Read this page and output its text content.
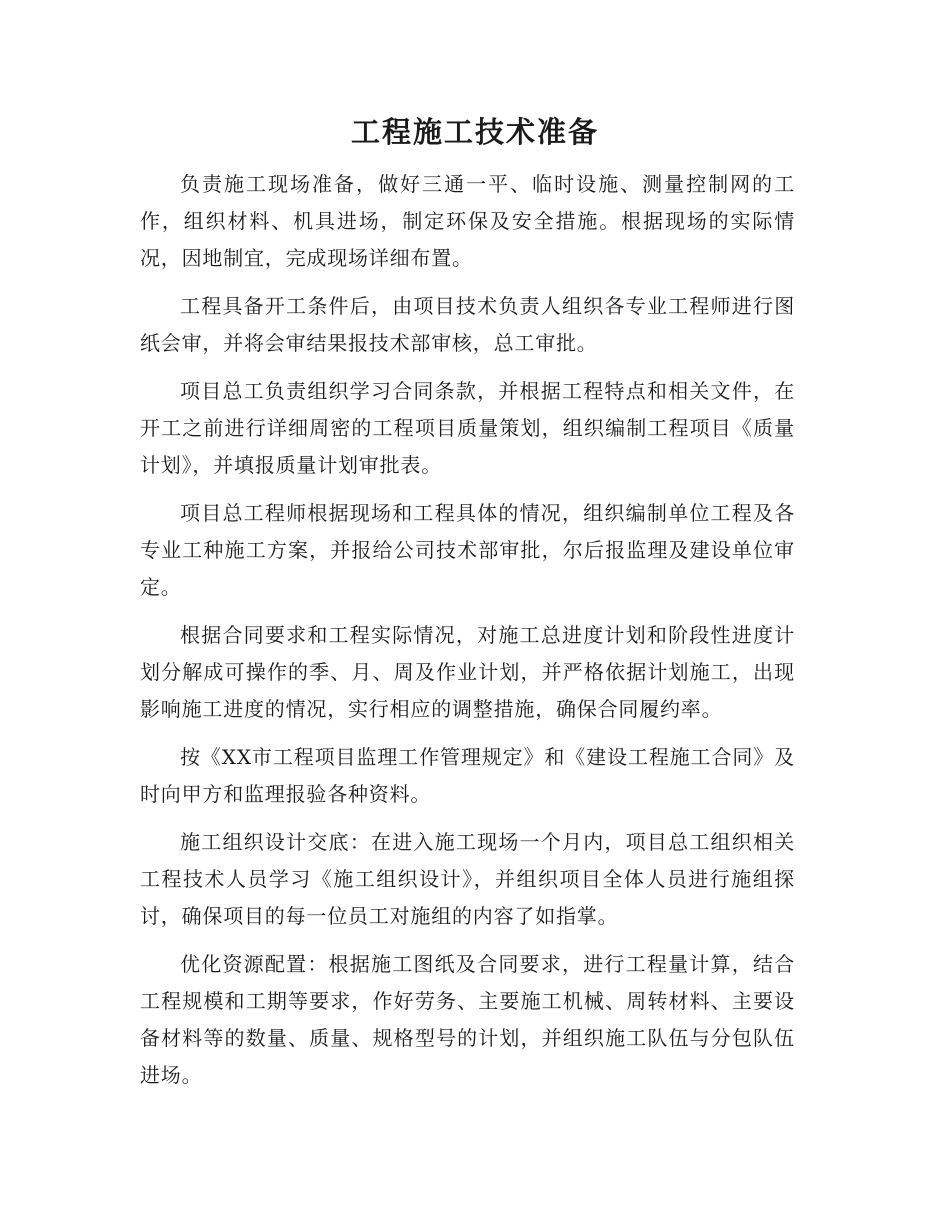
工程施工技术准备

负责施工现场准备，做好三通一平、临时设施、测量控制网的工作，组织材料、机具进场，制定环保及安全措施。根据现场的实际情况，因地制宜，完成现场详细布置。

工程具备开工条件后，由项目技术负责人组织各专业工程师进行图纸会审，并将会审结果报技术部审核，总工审批。

项目总工负责组织学习合同条款，并根据工程特点和相关文件，在开工之前进行详细周密的工程项目质量策划，组织编制工程项目《质量计划》，并填报质量计划审批表。

项目总工程师根据现场和工程具体的情况，组织编制单位工程及各专业工种施工方案，并报给公司技术部审批，尔后报监理及建设单位审定。

根据合同要求和工程实际情况，对施工总进度计划和阶段性进度计划分解成可操作的季、月、周及作业计划，并严格依据计划施工，出现影响施工进度的情况，实行相应的调整措施，确保合同履约率。

按《XX市工程项目监理工作管理规定》和《建设工程施工合同》及时向甲方和监理报验各种资料。

施工组织设计交底：在进入施工现场一个月内，项目总工组织相关工程技术人员学习《施工组织设计》，并组织项目全体人员进行施组探讨，确保项目的每一位员工对施组的内容了如指掌。

优化资源配置：根据施工图纸及合同要求，进行工程量计算，结合工程规模和工期等要求，作好劳务、主要施工机械、周转材料、主要设备材料等的数量、质量、规格型号的计划，并组织施工队伍与分包队伍进场。
